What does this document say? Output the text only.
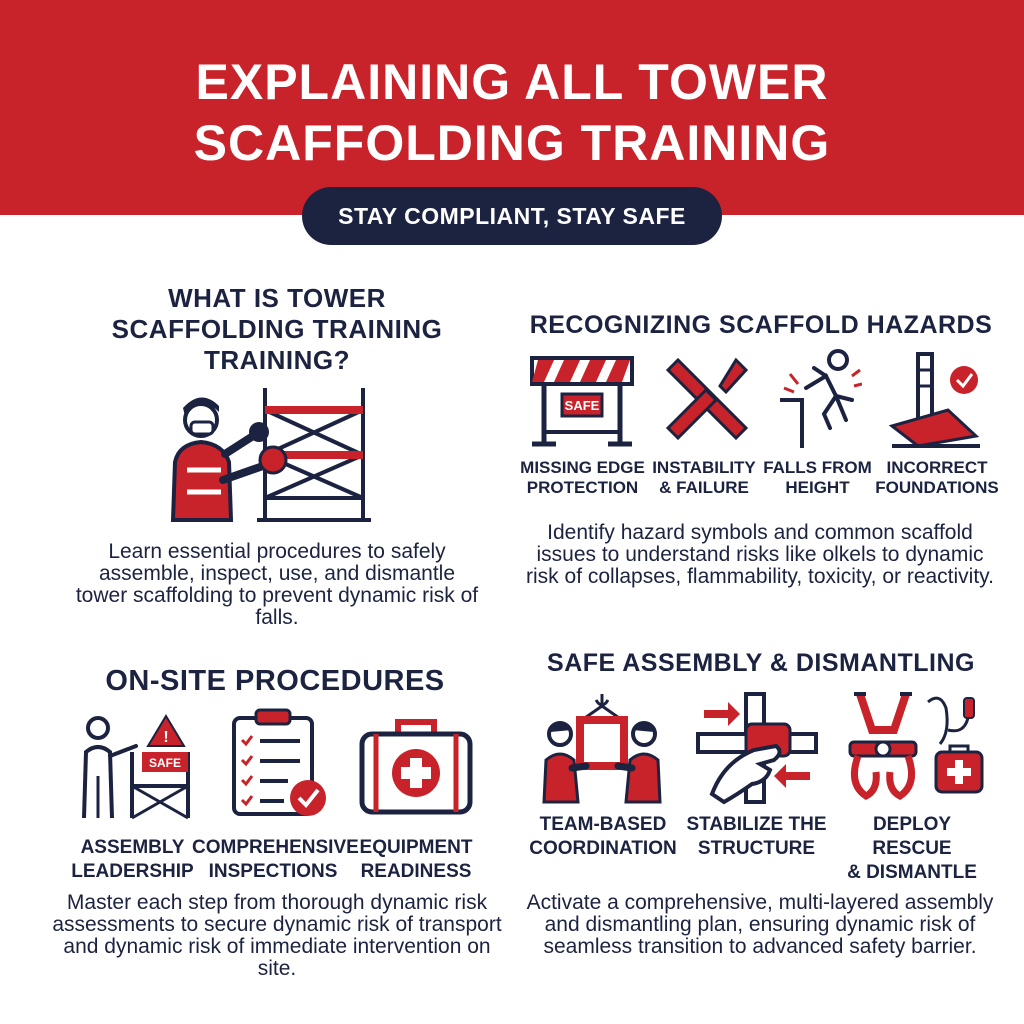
EXPLAINING ALL TOWER
SCAFFOLDING TRAINING
STAY COMPLIANT, STAY SAFE
WHAT IS TOWER
SCAFFOLDING TRAINING
TRAINING?
Learn essential procedures to safely assemble, inspect, use, and dismantle tower scaffolding to prevent dynamic risk of falls.
RECOGNIZING SCAFFOLD HAZARDS
SAFE
MISSING EDGE
PROTECTION
INSTABILITY
& FAILURE
FALLS FROM
HEIGHT
INCORRECT
FOUNDATIONS
Identify hazard symbols and common scaffold issues to understand risks like olkels to dynamic risk of collapses, flammability, toxicity, or reactivity.
ON-SITE PROCEDURES
SAFE
!
ASSEMBLY
LEADERSHIP
COMPREHENSIVE
INSPECTIONS
EQUIPMENT
READINESS
Master each step from thorough dynamic risk assessments to secure dynamic risk of transport and dynamic risk of immediate intervention on site.
SAFE ASSEMBLY & DISMANTLING
TEAM-BASED
COORDINATION
STABILIZE THE
STRUCTURE
DEPLOY RESCUE
& DISMANTLE
Activate a comprehensive, multi-layered assembly and dismantling plan, ensuring dynamic risk of seamless transition to advanced safety barrier.
